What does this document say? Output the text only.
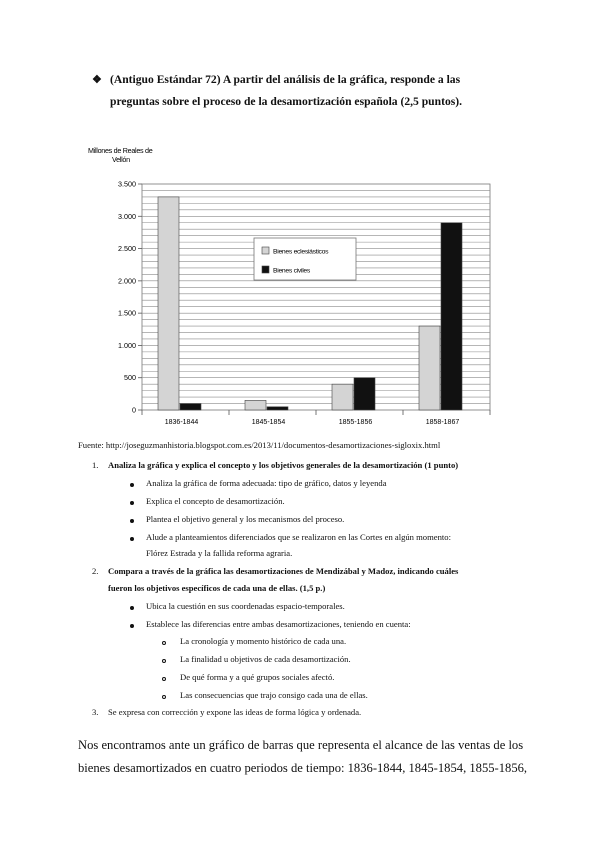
❖ (Antiguo Estándar 72) A partir del análisis de la gráfica, responde a las
preguntas sobre el proceso de la desamortización española (2,5 puntos).
Millones de Reales de
Vellón
0
500
1.000
1.500
2.000
2.500
3.000
3.500
1836-1844	1845-1854	1855-1856	1858-1867
Bienes eclesiásticos
Bienes civiles
Fuente: http://joseguzmanhistoria.blogspot.com.es/2013/11/documentos-desamortizaciones-sigloxix.html
1. Analiza la gráfica y explica el concepto y los objetivos generales de la desamortización (1 punto)
Analiza la gráfica de forma adecuada: tipo de gráfico, datos y leyenda
Explica el concepto de desamortización.
Plantea el objetivo general y los mecanismos del proceso.
Alude a planteamientos diferenciados que se realizaron en las Cortes en algún momento:
Flórez Estrada y la fallida reforma agraria.
2. Compara a través de la gráfica las desamortizaciones de Mendizábal y Madoz, indicando cuáles
fueron los objetivos específicos de cada una de ellas. (1,5 p.)
Ubica la cuestión en sus coordenadas espacio-temporales.
Establece las diferencias entre ambas desamortizaciones, teniendo en cuenta:
La cronología y momento histórico de cada una.
La finalidad u objetivos de cada desamortización.
De qué forma y a qué grupos sociales afectó.
Las consecuencias que trajo consigo cada una de ellas.
3. Se expresa con corrección y expone las ideas de forma lógica y ordenada.
Nos encontramos ante un gráfico de barras que representa el alcance de las ventas de los
bienes desamortizados en cuatro periodos de tiempo: 1836-1844, 1845-1854, 1855-1856,
